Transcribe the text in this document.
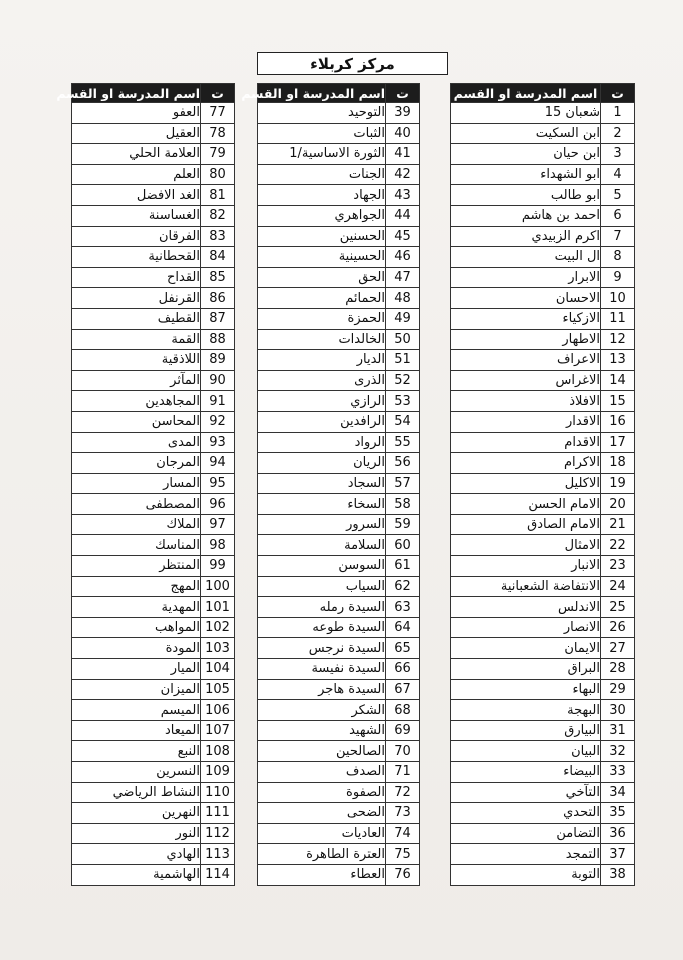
مركز كربلاء
ت	اسم المدرسة او القسم
1	شعبان 15
2	ابن السكيت
3	ابن حيان
4	ابو الشهداء
5	ابو طالب
6	احمد بن هاشم
7	اكرم الزبيدي
8	ال البيت
9	الابرار
10	الاحسان
11	الازكياء
12	الاطهار
13	الاعراف
14	الاغراس
15	الافلاذ
16	الاقدار
17	الاقدام
18	الاكرام
19	الاكليل
20	الامام الحسن
21	الامام الصادق
22	الامثال
23	الانبار
24	الانتفاضة الشعبانية
25	الاندلس
26	الانصار
27	الايمان
28	البراق
29	البهاء
30	البهجة
31	البيارق
32	البيان
33	البيضاء
34	التآخي
35	التحدي
36	التضامن
37	التمجد
38	التوبة
ت	اسم المدرسة او القسم
39	التوحيد
40	الثبات
41	الثورة الاساسية/1
42	الجنات
43	الجهاد
44	الجواهري
45	الحسنين
46	الحسينية
47	الحق
48	الحمائم
49	الحمزة
50	الخالدات
51	الديار
52	الذرى
53	الرازي
54	الرافدين
55	الرواد
56	الريان
57	السجاد
58	السخاء
59	السرور
60	السلامة
61	السوسن
62	السياب
63	السيدة رمله
64	السيدة طوعه
65	السيدة نرجس
66	السيدة نفيسة
67	السيدة هاجر
68	الشكر
69	الشهيد
70	الصالحين
71	الصدف
72	الصفوة
73	الضحى
74	العاديات
75	العترة الطاهرة
76	العطاء
ت	اسم المدرسة او القسم
77	العفو
78	العقيل
79	العلامة الحلي
80	العلم
81	الغد الافضل
82	الغساسنة
83	الفرقان
84	القحطانية
85	القداح
86	القرنفل
87	القطيف
88	القمة
89	اللاذقية
90	المآثر
91	المجاهدين
92	المحاسن
93	المدى
94	المرجان
95	المسار
96	المصطفى
97	الملاك
98	المناسك
99	المنتظر
100	المهج
101	المهدية
102	المواهب
103	المودة
104	الميار
105	الميزان
106	الميسم
107	الميعاد
108	النبع
109	النسرين
110	النشاط الرياضي
111	النهرين
112	النور
113	الهادي
114	الهاشمية
